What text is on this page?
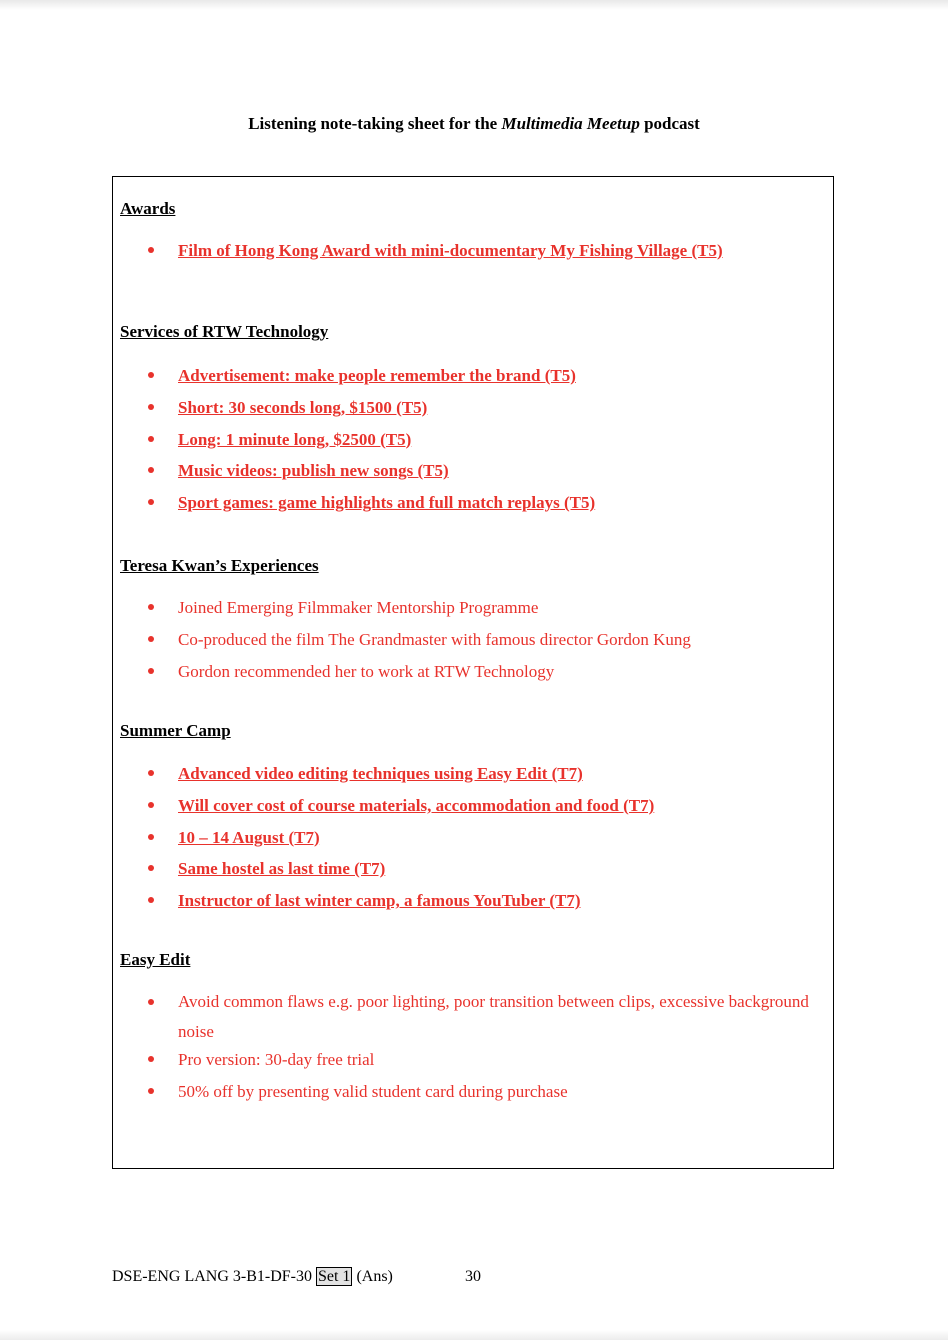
Listening note-taking sheet for the Multimedia Meetup podcast
Awards
Film of Hong Kong Award with mini-documentary My Fishing Village (T5)
Services of RTW Technology
Advertisement: make people remember the brand (T5)
Short: 30 seconds long, $1500 (T5)
Long: 1 minute long, $2500 (T5)
Music videos: publish new songs (T5)
Sport games: game highlights and full match replays (T5)
Teresa Kwan’s Experiences
Joined Emerging Filmmaker Mentorship Programme
Co-produced the film The Grandmaster with famous director Gordon Kung
Gordon recommended her to work at RTW Technology
Summer Camp
Advanced video editing techniques using Easy Edit (T7)
Will cover cost of course materials, accommodation and food (T7)
10 – 14 August (T7)
Same hostel as last time (T7)
Instructor of last winter camp, a famous YouTuber (T7)
Easy Edit
Avoid common flaws e.g. poor lighting, poor transition between clips, excessive background noise
Pro version: 30-day free trial
50% off by presenting valid student card during purchase
DSE-ENG LANG 3-B1-DF-30 Set 1 (Ans)	30
